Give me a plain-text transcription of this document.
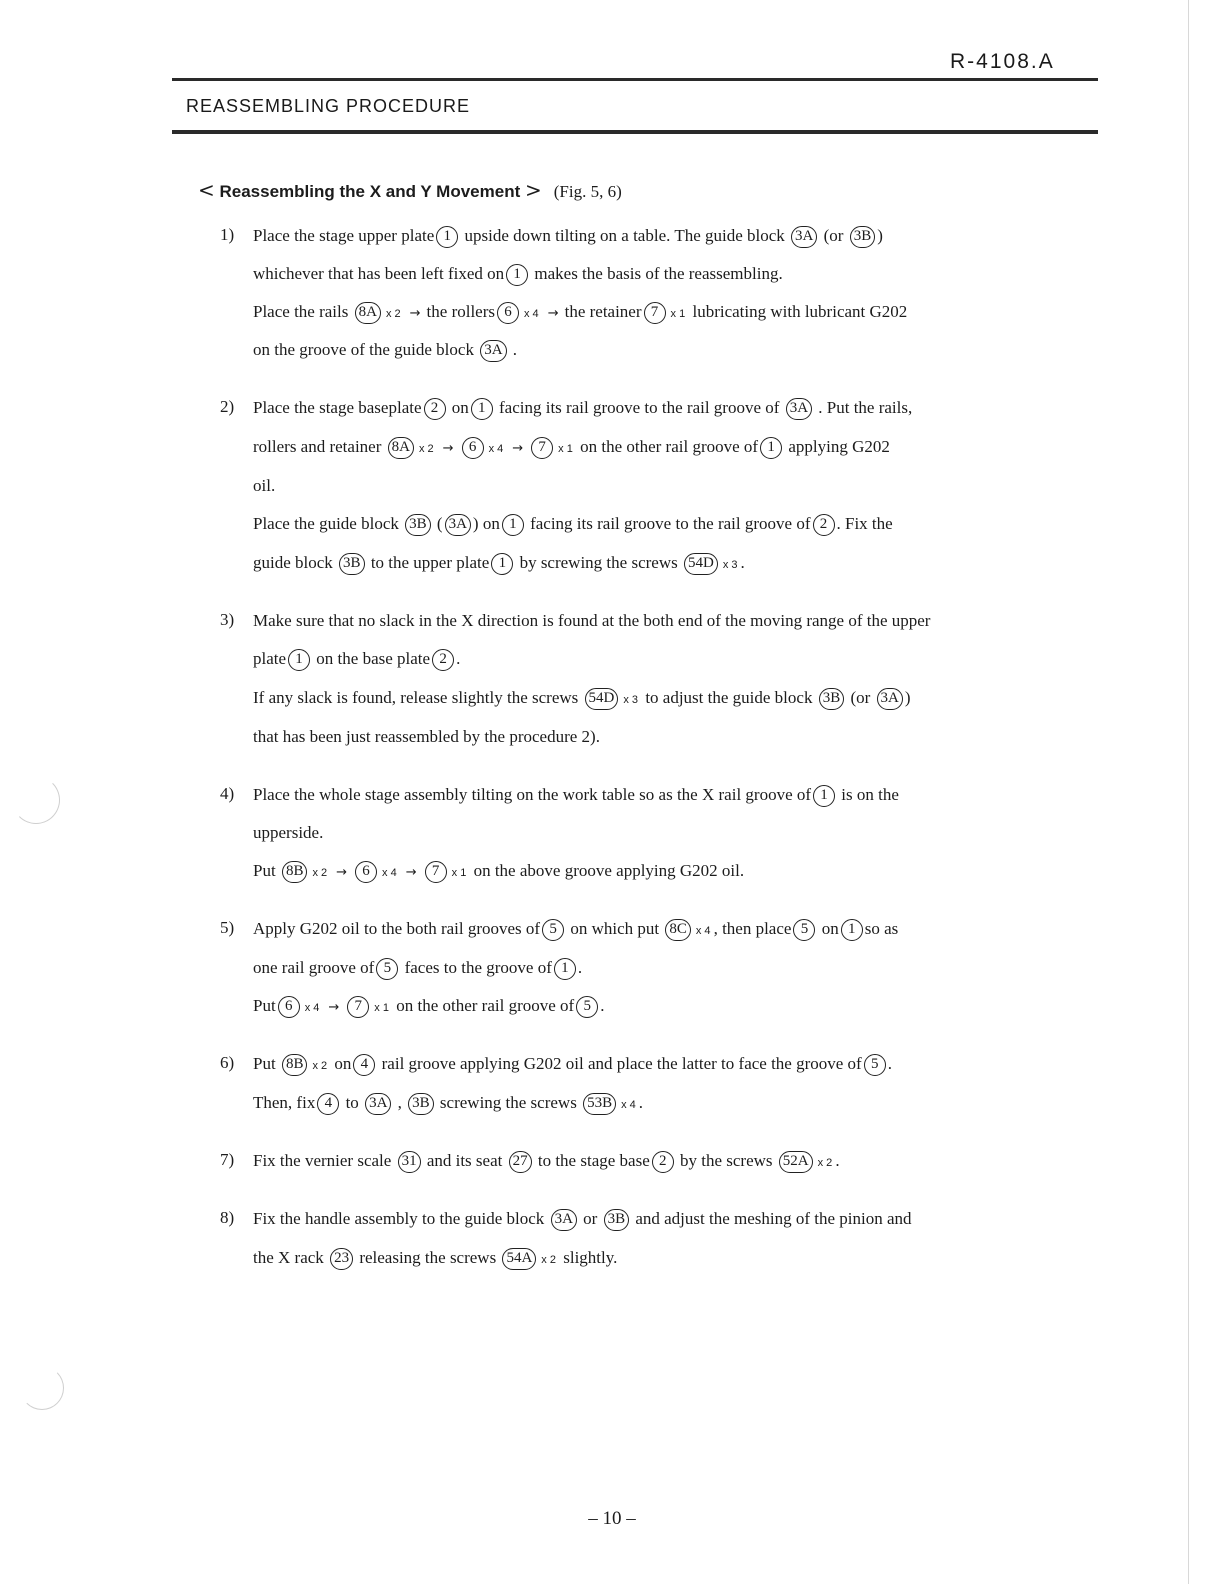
R-4108.A
REASSEMBLING PROCEDURE
< Reassembling the X and Y Movement > (Fig. 5, 6)
1) Place the stage upper plate 1 upside down tilting on a table. The guide block 3A (or 3B )
whichever that has been left fixed on 1 makes the basis of the reassembling.
Place the rails 8A x 2 → the rollers 6 x 4 → the retainer 7 x 1 lubricating with lubricant G202
on the groove of the guide block 3A .
2) Place the stage baseplate 2 on 1 facing its rail groove to the rail groove of 3A . Put the rails,
rollers and retainer 8A x 2 → 6 x 4 → 7 x 1 on the other rail groove of 1 applying G202
oil.
Place the guide block 3B ( 3A ) on 1 facing its rail groove to the rail groove of 2 . Fix the
guide block 3B to the upper plate 1 by screwing the screws 54D x 3 .
3) Make sure that no slack in the X direction is found at the both end of the moving range of the upper
plate 1 on the base plate 2 .
If any slack is found, release slightly the screws 54D x 3 to adjust the guide block 3B (or 3A )
that has been just reassembled by the procedure 2).
4) Place the whole stage assembly tilting on the work table so as the X rail groove of 1 is on the
upperside.
Put 8B x 2 → 6 x 4 → 7 x 1 on the above groove applying G202 oil.
5) Apply G202 oil to the both rail grooves of 5 on which put 8C x 4 , then place 5 on 1 so as
one rail groove of 5 faces to the groove of 1 .
Put 6 x 4 → 7 x 1 on the other rail groove of 5 .
6) Put 8B x 2 on 4 rail groove applying G202 oil and place the latter to face the groove of 5 .
Then, fix 4 to 3A , 3B screwing the screws 53B x 4 .
7) Fix the vernier scale 31 and its seat 27 to the stage base 2 by the screws 52A x 2 .
8) Fix the handle assembly to the guide block 3A or 3B and adjust the meshing of the pinion and
the X rack 23 releasing the screws 54A x 2 slightly.
– 10 –
